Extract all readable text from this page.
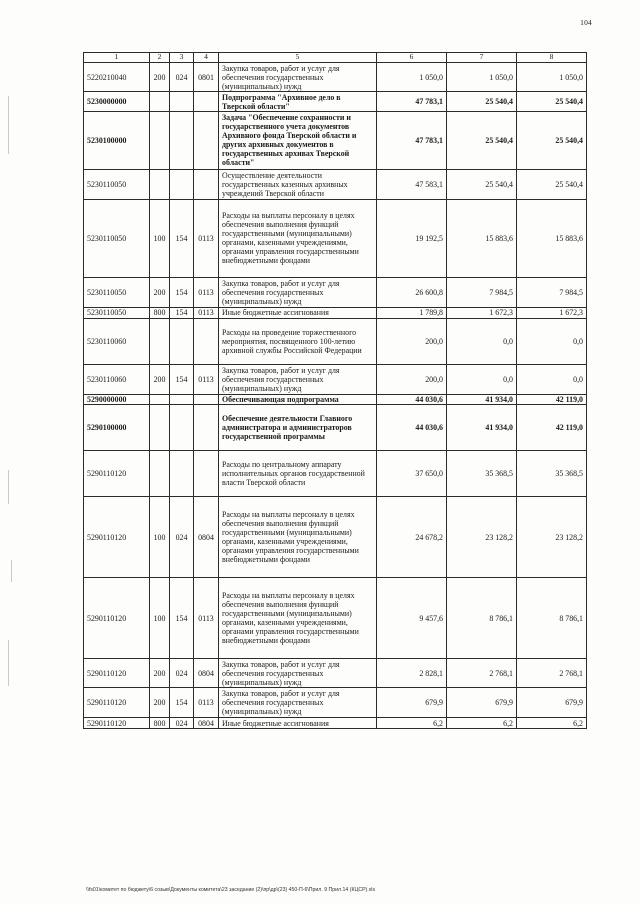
104
1	2	3	4	5	6	7	8
5220210040	200	024	0801	Закупка товаров, работ и услуг для обеспечения государственных (муниципальных) нужд	1 050,0	1 050,0	1 050,0
5230000000				Подпрограмма "Архивное дело в Тверской области"	47 783,1	25 540,4	25 540,4
5230100000				Задача "Обеспечение сохранности и государственного учета документов Архивного фонда Тверской области и других архивных документов в государственных архивах Тверской области"	47 783,1	25 540,4	25 540,4
5230110050				Осуществление деятельности государственных казенных архивных учреждений Тверской области	47 583,1	25 540,4	25 540,4
5230110050	100	154	0113	Расходы на выплаты персоналу в целях обеспечения выполнения функций государственными (муниципальными) органами, казенными учреждениями, органами управления государственными внебюджетными фондами	19 192,5	15 883,6	15 883,6
5230110050	200	154	0113	Закупка товаров, работ и услуг для обеспечения государственных (муниципальных) нужд	26 600,8	7 984,5	7 984,5
5230110050	800	154	0113	Иные бюджетные ассигнования	1 789,8	1 672,3	1 672,3
5230110060				Расходы на проведение торжественного мероприятия, посвященного 100-летию архивной службы Российской Федерации	200,0	0,0	0,0
5230110060	200	154	0113	Закупка товаров, работ и услуг для обеспечения государственных (муниципальных) нужд	200,0	0,0	0,0
5290000000				Обеспечивающая подпрограмма	44 030,6	41 934,0	42 119,0
5290100000				Обеспечение деятельности Главного администратора и администраторов государственной программы	44 030,6	41 934,0	42 119,0
5290110120				Расходы по центральному аппарату исполнительных органов государственной власти Тверской области	37 650,0	35 368,5	35 368,5
5290110120	100	024	0804	Расходы на выплаты персоналу в целях обеспечения выполнения функций государственными (муниципальными) органами, казенными учреждениями, органами управления государственными внебюджетными фондами	24 678,2	23 128,2	23 128,2
5290110120	100	154	0113	Расходы на выплаты персоналу в целях обеспечения выполнения функций государственными (муниципальными) органами, казенными учреждениями, органами управления государственными внебюджетными фондами	9 457,6	8 786,1	8 786,1
5290110120	200	024	0804	Закупка товаров, работ и услуг для обеспечения государственных (муниципальных) нужд	2 828,1	2 768,1	2 768,1
5290110120	200	154	0113	Закупка товаров, работ и услуг для обеспечения государственных (муниципальных) нужд	679,9	679,9	679,9
5290110120	800	024	0804	Иные бюджетные ассигнования	6,2	6,2	6,2
\\fs01\комитет по бюджету\6 созыв\Документы комитета\23 заседание (2)\пр\др\(23) 450-П-6\Прил. 9 Прил.14 (КЦСР).xls
